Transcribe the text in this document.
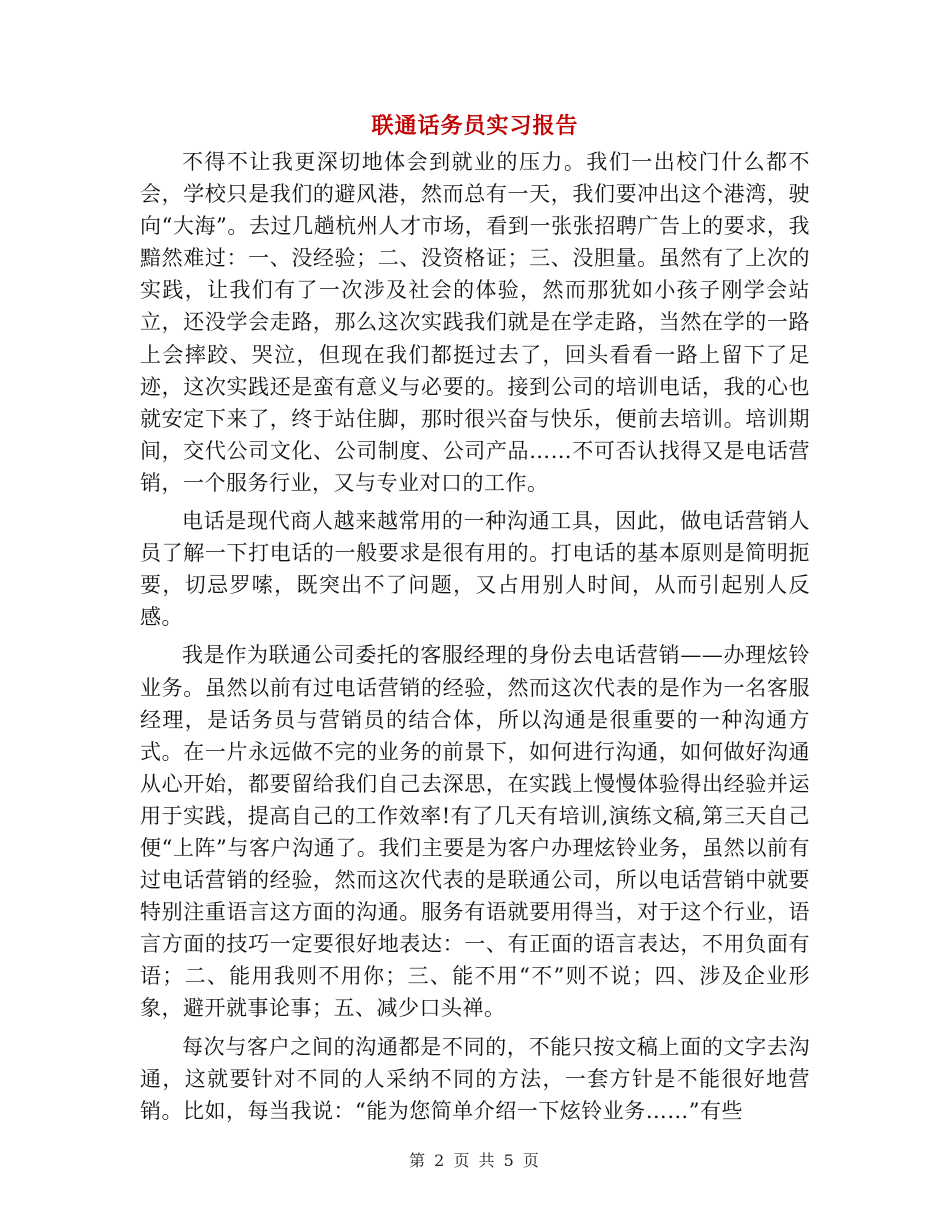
联通话务员实习报告

不得不让我更深切地体会到就业的压力。我们一出校门什么都不会，学校只是我们的避风港，然而总有一天，我们要冲出这个港湾，驶向“大海”。去过几趟杭州人才市场，看到一张张招聘广告上的要求，我黯然难过：一、没经验；二、没资格证；三、没胆量。虽然有了上次的实践，让我们有了一次涉及社会的体验，然而那犹如小孩子刚学会站立，还没学会走路，那么这次实践我们就是在学走路，当然在学的一路上会摔跤、哭泣，但现在我们都挺过去了，回头看看一路上留下了足迹，这次实践还是蛮有意义与必要的。接到公司的培训电话，我的心也就安定下来了，终于站住脚，那时很兴奋与快乐，便前去培训。培训期间，交代公司文化、公司制度、公司产品……不可否认找得又是电话营销，一个服务行业，又与专业对口的工作。

电话是现代商人越来越常用的一种沟通工具，因此，做电话营销人员了解一下打电话的一般要求是很有用的。打电话的基本原则是简明扼要，切忌罗嗦，既突出不了问题，又占用别人时间，从而引起别人反感。

我是作为联通公司委托的客服经理的身份去电话营销——办理炫铃业务。虽然以前有过电话营销的经验，然而这次代表的是作为一名客服经理，是话务员与营销员的结合体，所以沟通是很重要的一种沟通方式。在一片永远做不完的业务的前景下，如何进行沟通，如何做好沟通从心开始，都要留给我们自己去深思，在实践上慢慢体验得出经验并运用于实践，提高自己的工作效率!有了几天有培训,演练文稿,第三天自己便“上阵”与客户沟通了。我们主要是为客户办理炫铃业务，虽然以前有过电话营销的经验，然而这次代表的是联通公司，所以电话营销中就要特别注重语言这方面的沟通。服务有语就要用得当，对于这个行业，语言方面的技巧一定要很好地表达：一、有正面的语言表达，不用负面有语；二、能用我则不用你；三、能不用“不”则不说；四、涉及企业形象，避开就事论事；五、减少口头禅。

每次与客户之间的沟通都是不同的，不能只按文稿上面的文字去沟通，这就要针对不同的人采纳不同的方法，一套方针是不能很好地营销。比如，每当我说：“能为您简单介绍一下炫铃业务……”有些

第 2 页 共 5 页
